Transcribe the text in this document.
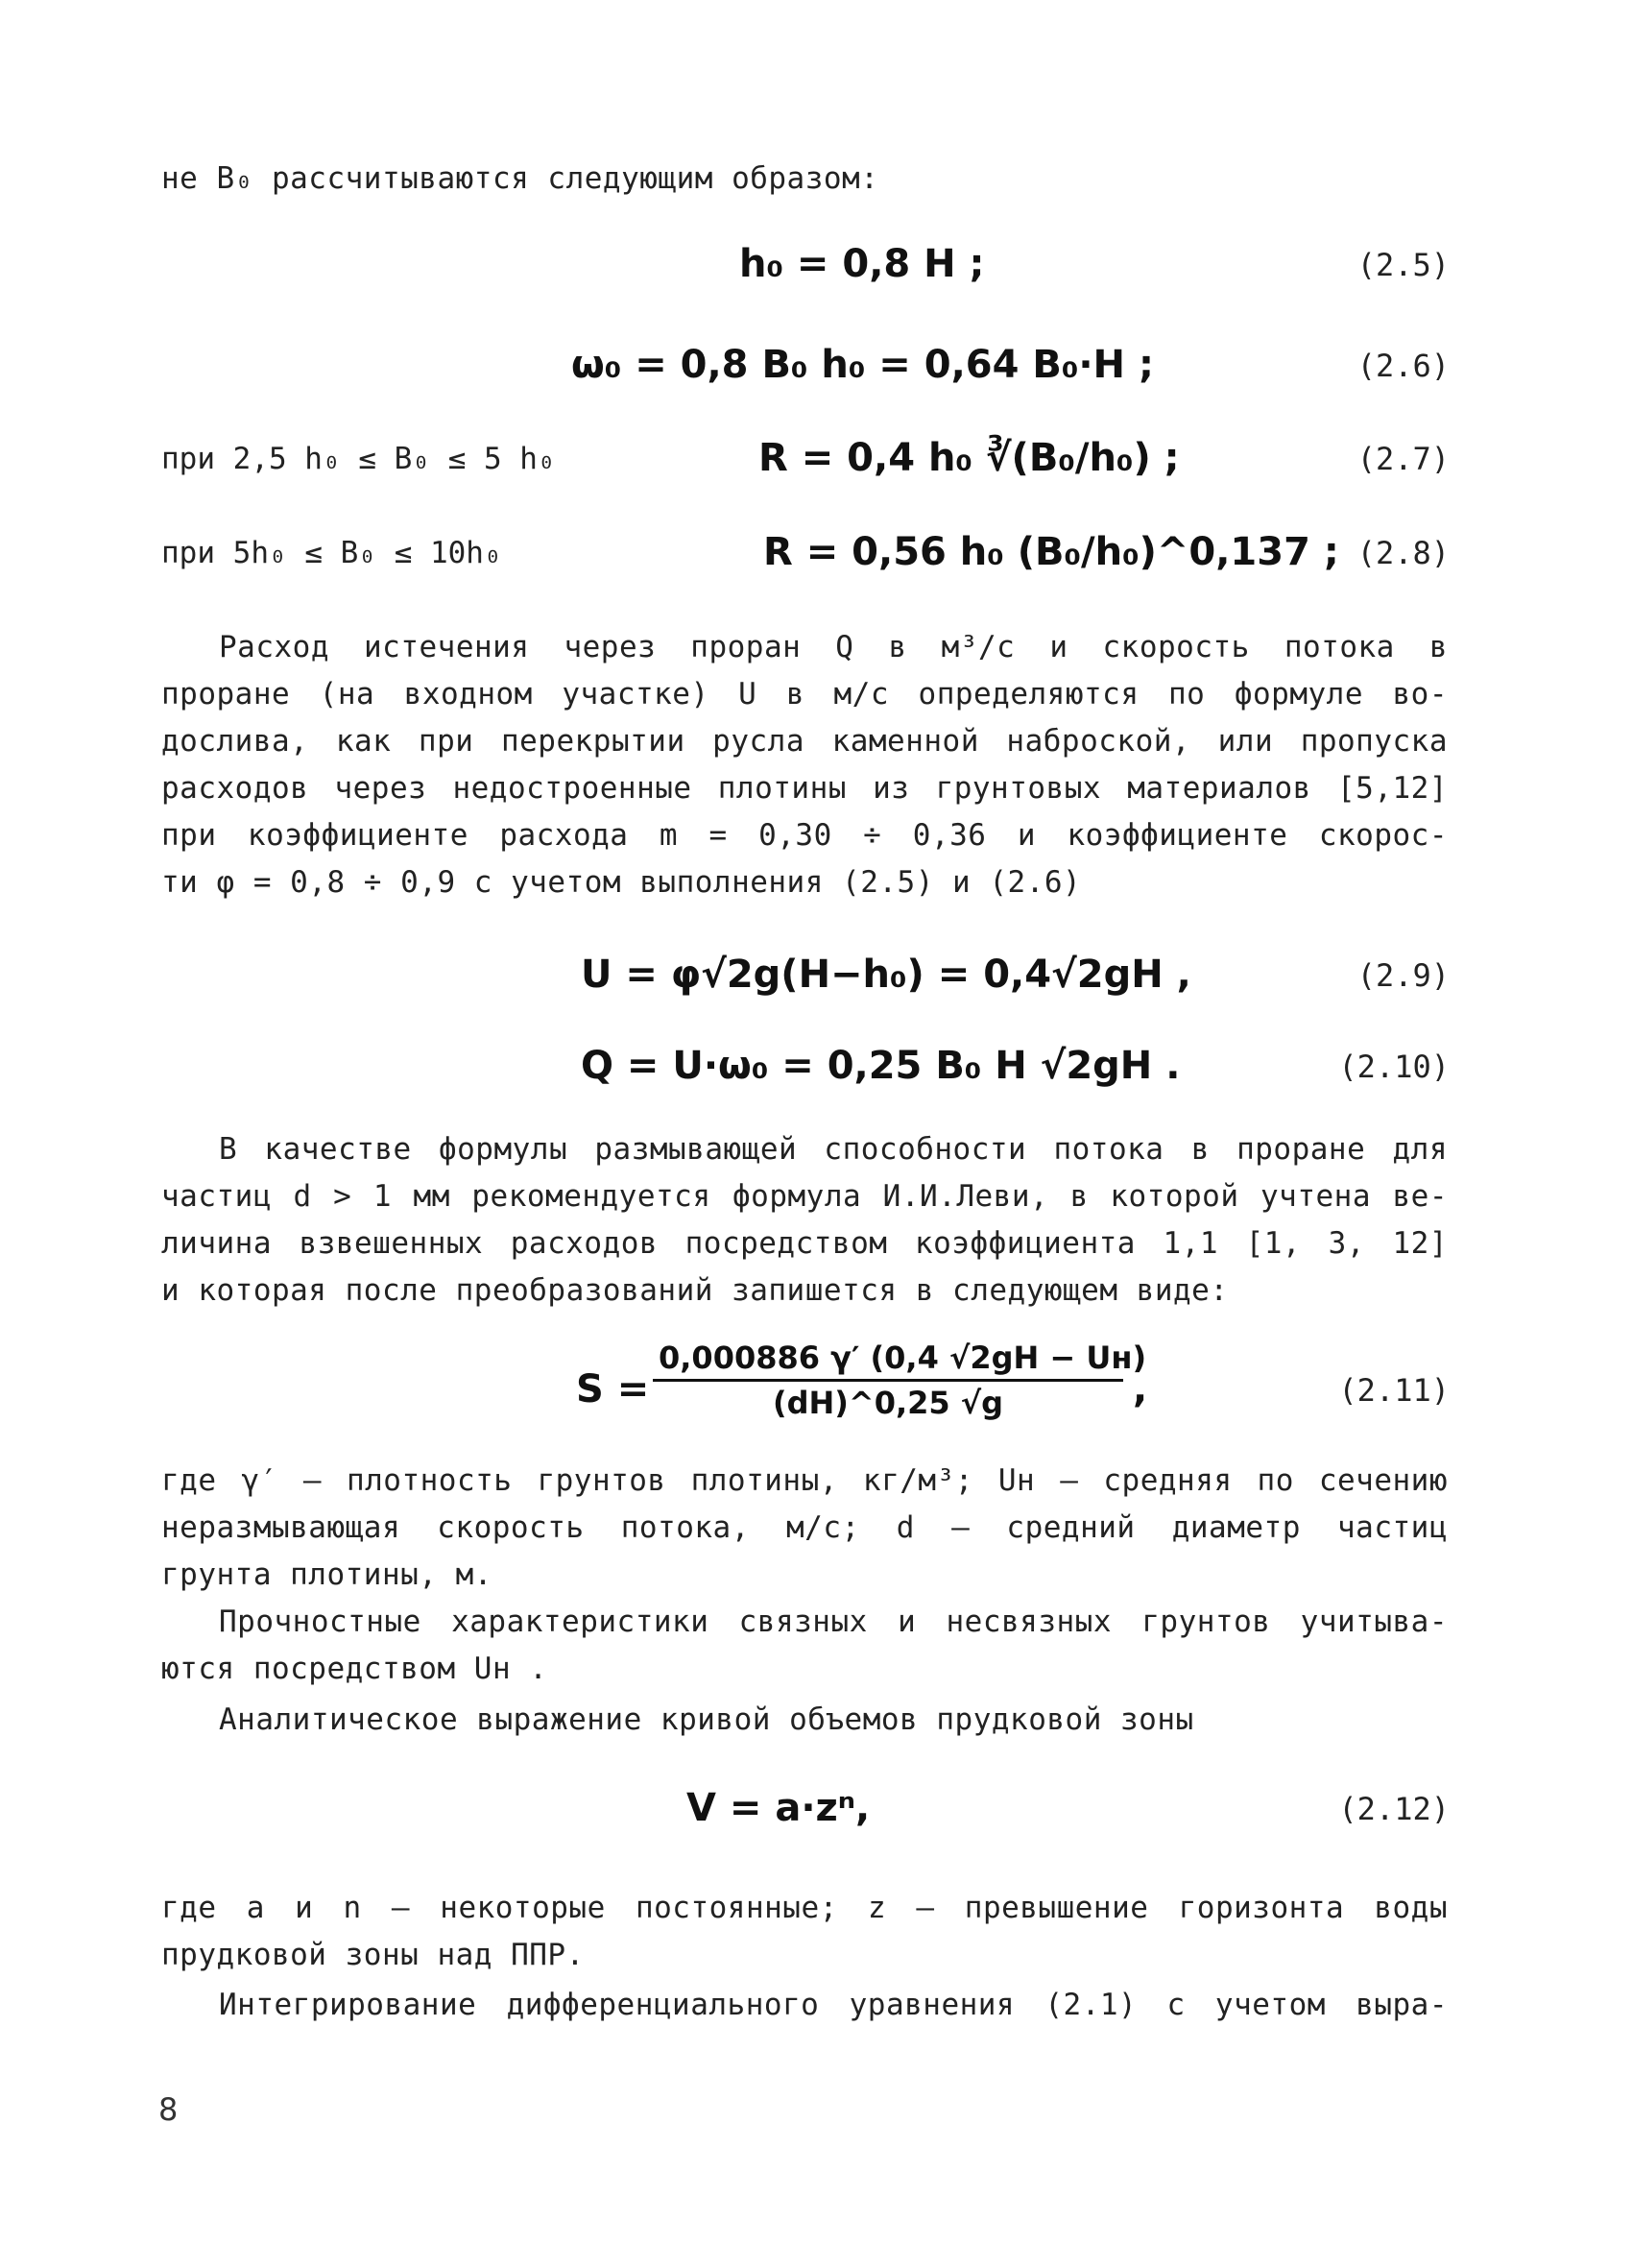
не B₀ рассчитываются следующим образом:
h₀ = 0,8 H ;	(2.5)
ω₀ = 0,8 B₀ h₀ = 0,64 B₀·H ;	(2.6)
при 2,5 h₀ ≤ B₀ ≤ 5 h₀	R = 0,4 h₀ ∛(B₀/h₀) ;	(2.7)
при 5h₀ ≤ B₀ ≤ 10h₀	R = 0,56 h₀ (B₀/h₀)^0,137 ; (2.8)
Расход истечения через проран Q в м³/с и скорость потока в
проране (на входном участке) U в м/с определяются по формуле во-
дослива, как при перекрытии русла каменной наброской, или пропуска
расходов через недостроенные плотины из грунтовых материалов [5,12]
при коэффициенте расхода m = 0,30 ÷ 0,36 и коэффициенте скорос-
ти φ = 0,8 ÷ 0,9 с учетом выполнения (2.5) и (2.6)
U = φ√2g(H−h₀) = 0,4√2gH ,	(2.9)
Q = U·ω₀ = 0,25 B₀ H √2gH .	(2.10)
В качестве формулы размывающей способности потока в проране для
частиц d > 1 мм рекомендуется формула И.И.Леви, в которой учтена ве-
личина взвешенных расходов посредством коэффициента 1,1 [1, 3, 12]
и которая после преобразований запишется в следующем виде:
S =
0,000886 γ′ (0,4 √2gH − Uн)
(dH)^0,25 √g	,	(2.11)
где γ′ – плотность грунтов плотины, кг/м³; Uн – средняя по сечению
неразмывающая скорость потока, м/с; d – средний диаметр частиц
грунта плотины, м.
Прочностные характеристики связных и несвязных грунтов учитыва-
ются посредством Uн .
Аналитическое выражение кривой объемов прудковой зоны
V = a·zⁿ,	(2.12)
где a и n – некоторые постоянные; z – превышение горизонта воды
прудковой зоны над ППР.
Интегрирование дифференциального уравнения (2.1) с учетом выра-
8
